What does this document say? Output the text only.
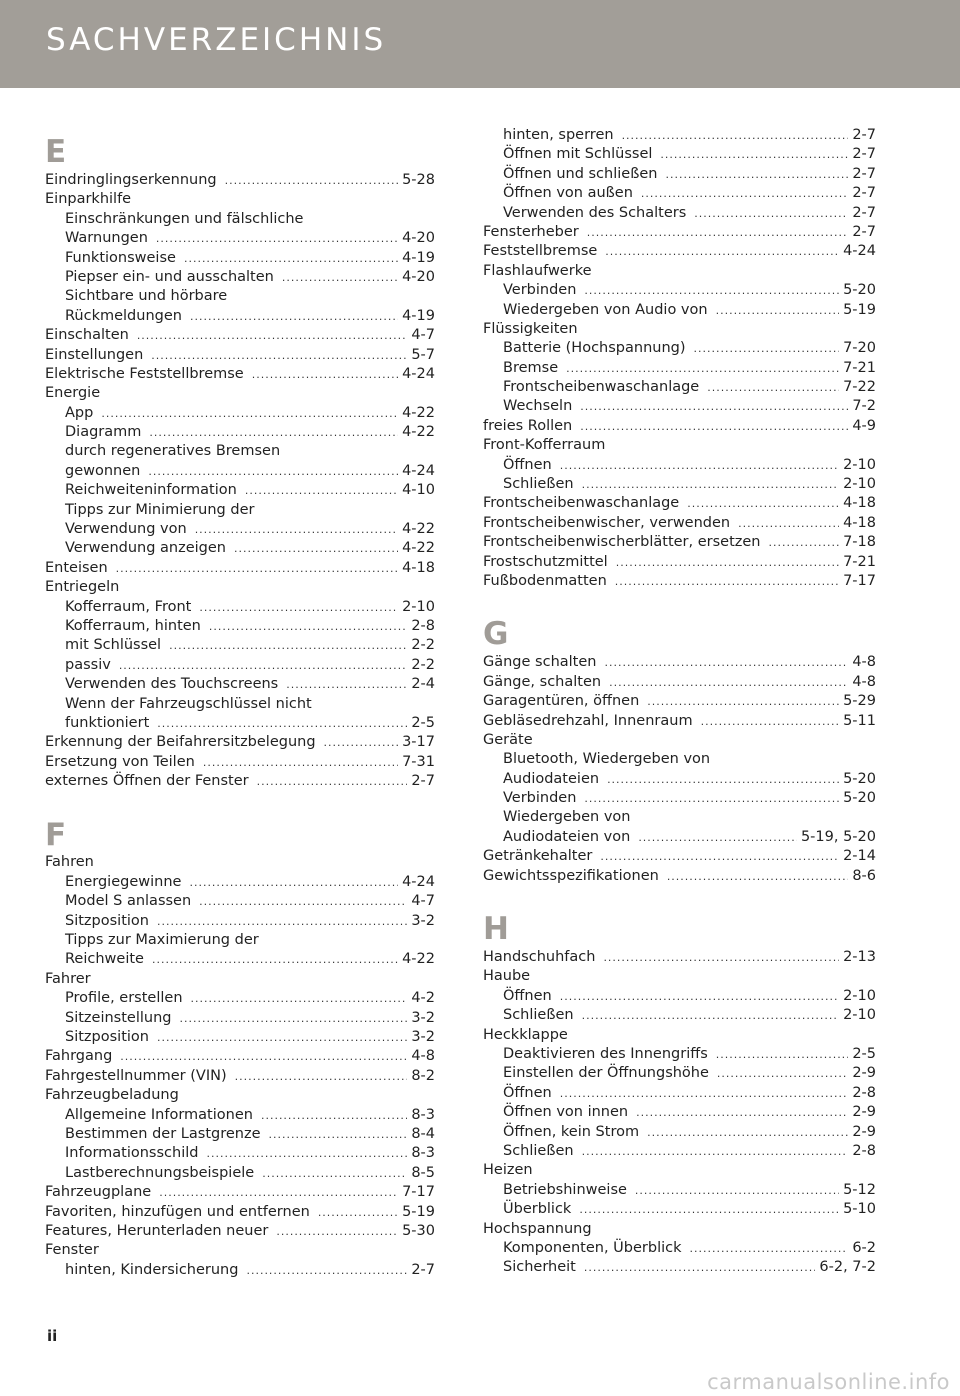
SACHVERZEICHNIS
E
Eindringlingserkennung .....	5-28
Einparkhilfe
Einschränkungen und fälschliche
Warnungen .....	4-20
Funktionsweise .....	4-19
Piepser ein- und ausschalten .....	4-20
Sichtbare und hörbare
Rückmeldungen .....	4-19
Einschalten .....	4-7
Einstellungen .....	5-7
Elektrische Feststellbremse .....	4-24
Energie
App .....	4-22
Diagramm .....	4-22
durch regeneratives Bremsen
gewonnen .....	4-24
Reichweiteninformation .....	4-10
Tipps zur Minimierung der
Verwendung von .....	4-22
Verwendung anzeigen .....	4-22
Enteisen .....	4-18
Entriegeln
Kofferraum, Front .....	2-10
Kofferraum, hinten .....	2-8
mit Schlüssel .....	2-2
passiv .....	2-2
Verwenden des Touchscreens .....	2-4
Wenn der Fahrzeugschlüssel nicht
funktioniert .....	2-5
Erkennung der Beifahrersitzbelegung .....	3-17
Ersetzung von Teilen .....	7-31
externes Öffnen der Fenster .....	2-7
F
Fahren
Energiegewinne .....	4-24
Model S anlassen .....	4-7
Sitzposition .....	3-2
Tipps zur Maximierung der
Reichweite .....	4-22
Fahrer
Profile, erstellen .....	4-2
Sitzeinstellung .....	3-2
Sitzposition .....	3-2
Fahrgang .....	4-8
Fahrgestellnummer (VIN) .....	8-2
Fahrzeugbeladung
Allgemeine Informationen .....	8-3
Bestimmen der Lastgrenze .....	8-4
Informationsschild .....	8-3
Lastberechnungsbeispiele .....	8-5
Fahrzeugplane .....	7-17
Favoriten, hinzufügen und entfernen .....	5-19
Features, Herunterladen neuer .....	5-30
Fenster
hinten, Kindersicherung .....	2-7
hinten, sperren .....	2-7
Öffnen mit Schlüssel .....	2-7
Öffnen und schließen .....	2-7
Öffnen von außen .....	2-7
Verwenden des Schalters .....	2-7
Fensterheber .....	2-7
Feststellbremse .....	4-24
Flashlaufwerke
Verbinden .....	5-20
Wiedergeben von Audio von .....	5-19
Flüssigkeiten
Batterie (Hochspannung) .....	7-20
Bremse .....	7-21
Frontscheibenwaschanlage .....	7-22
Wechseln .....	7-2
freies Rollen .....	4-9
Front-Kofferraum
Öffnen .....	2-10
Schließen .....	2-10
Frontscheibenwaschanlage .....	4-18
Frontscheibenwischer, verwenden .....	4-18
Frontscheibenwischerblätter, ersetzen .....	7-18
Frostschutzmittel .....	7-21
Fußbodenmatten .....	7-17
G
Gänge schalten .....	4-8
Gänge, schalten .....	4-8
Garagentüren, öffnen .....	5-29
Gebläsedrehzahl, Innenraum .....	5-11
Geräte
Bluetooth, Wiedergeben von
Audiodateien .....	5-20
Verbinden .....	5-20
Wiedergeben von
Audiodateien von .....	5-19, 5-20
Getränkehalter .....	2-14
Gewichtsspezifikationen .....	8-6
H
Handschuhfach .....	2-13
Haube
Öffnen .....	2-10
Schließen .....	2-10
Heckklappe
Deaktivieren des Innengriffs .....	2-5
Einstellen der Öffnungshöhe .....	2-9
Öffnen .....	2-8
Öffnen von innen .....	2-9
Öffnen, kein Strom .....	2-9
Schließen .....	2-8
Heizen
Betriebshinweise .....	5-12
Überblick .....	5-10
Hochspannung
Komponenten, Überblick .....	6-2
Sicherheit .....	6-2, 7-2
ii
carmanualsonline.info
